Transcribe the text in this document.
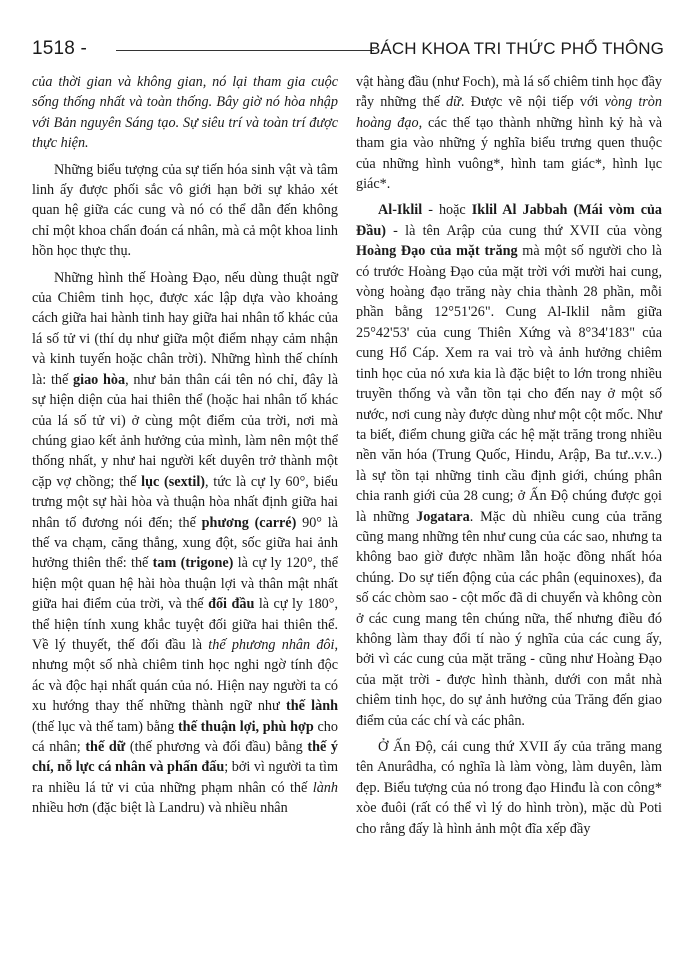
1518 -	BÁCH KHOA TRI THỨC PHỔ THÔNG

của thời gian và không gian, nó lại tham gia cuộc sống thống nhất và toàn thống. Bây giờ nó hòa nhập với Bản nguyên Sáng tạo. Sự siêu trí và toàn trí được thực hiện.

Những biểu tượng của sự tiến hóa sinh vật và tâm linh ấy được phối sắc vô giới hạn bởi sự khảo xét quan hệ giữa các cung và nó có thể dẫn đến không chỉ một khoa chẩn đoán cá nhân, mà cả một khoa linh hồn học thực thụ.

Những hình thế Hoàng Đạo, nếu dùng thuật ngữ của Chiêm tinh học, được xác lập dựa vào khoảng cách giữa hai hành tinh hay giữa hai nhân tố khác của lá số tử vi (thí dụ như giữa một điểm nhạy cảm nhận và kinh tuyến hoặc chân trời). Những hình thế chính là: thế giao hòa, như bản thân cái tên nó chỉ, đây là sự hiện diện của hai thiên thể (hoặc hai nhân tố khác của lá số tử vi) ở cùng một điểm của trời, nơi mà chúng giao kết ảnh hưởng của mình, làm nên một thể thống nhất, y như hai người kết duyên trở thành một cặp vợ chồng; thế lục (sextil), tức là cự ly 60°, biểu trưng một sự hài hòa và thuận hòa nhất định giữa hai nhân tố đương nói đến; thế phương (carré) 90° là thế va chạm, căng thẳng, xung đột, sốc giữa hai ảnh hưởng thiên thể: thế tam (trigone) là cự ly 120°, thể hiện một quan hệ hài hòa thuận lợi và thân mật nhất giữa hai điểm của trời, và thế đối đầu là cự ly 180°, thể hiện tính xung khắc tuyệt đối giữa hai thiên thể. Về lý thuyết, thế đối đầu là thế phương nhân đôi, nhưng một số nhà chiêm tinh học nghi ngờ tính độc ác và độc hại nhất quán của nó. Hiện nay người ta có xu hướng thay thế những thành ngữ như thế lành (thế lục và thế tam) bằng thế thuận lợi, phù hợp cho cá nhân; thế dữ (thế phương và đối đầu) bằng thế ý chí, nỗ lực cá nhân và phấn đấu; bởi vì người ta tìm ra nhiều lá tử vi của những phạm nhân có thế lành nhiều hơn (đặc biệt là Landru) và nhiều nhân

vật hàng đầu (như Foch), mà lá số chiêm tinh học đầy rẫy những thế dữ. Được vẽ nội tiếp với vòng tròn hoàng đạo, các thế tạo thành những hình kỷ hà và tham gia vào những ý nghĩa biểu trưng quen thuộc của những hình vuông*, hình tam giác*, hình lục giác*.

Al-Iklil - hoặc Iklil Al Jabbah (Mái vòm của Đầu) - là tên Arập của cung thứ XVII của vòng Hoàng Đạo của mặt trăng mà một số người cho là có trước Hoàng Đạo của mặt trời với mười hai cung, vòng hoàng đạo trăng này chia thành 28 phần, mỗi phần bằng 12°51'26". Cung Al-Iklil nằm giữa 25°42'53' của cung Thiên Xứng và 8°34'183" của cung Hổ Cáp. Xem ra vai trò và ảnh hưởng chiêm tinh học của nó xưa kia là đặc biệt to lớn trong nhiều truyền thống và vẫn tồn tại cho đến nay ở một số nước, nơi cung này được dùng như một cột mốc. Như ta biết, điểm chung giữa các hệ mặt trăng trong nhiều nền văn hóa (Trung Quốc, Hindu, Arập, Ba tư..v.v..) là sự tồn tại những tinh cầu định giới, chúng phân chia ranh giới của 28 cung; ở Ấn Độ chúng được gọi là những Jogatara. Mặc dù nhiều cung của trăng cũng mang những tên như cung của các sao, nhưng ta không bao giờ được nhầm lẫn hoặc đồng nhất hóa chúng. Do sự tiến động của các phân (equinoxes), đa số các chòm sao - cột mốc đã di chuyển và không còn ở các cung mang tên chúng nữa, thế nhưng điều đó không làm thay đổi tí nào ý nghĩa của các cung ấy, bởi vì các cung của mặt trăng - cũng như Hoàng Đạo của mặt trời - được hình thành, dưới con mắt nhà chiêm tinh học, do sự ảnh hưởng của Trăng đến giao điểm của các chí và các phân.

Ở Ấn Độ, cái cung thứ XVII ấy của trăng mang tên Anurâdha, có nghĩa là làm vòng, làm duyên, làm đẹp. Biểu tượng của nó trong đạo Hinđu là con công* xòe đuôi (rất có thể vì lý do hình tròn), mặc dù Poti cho rằng đấy là hình ảnh một đĩa xếp đầy
